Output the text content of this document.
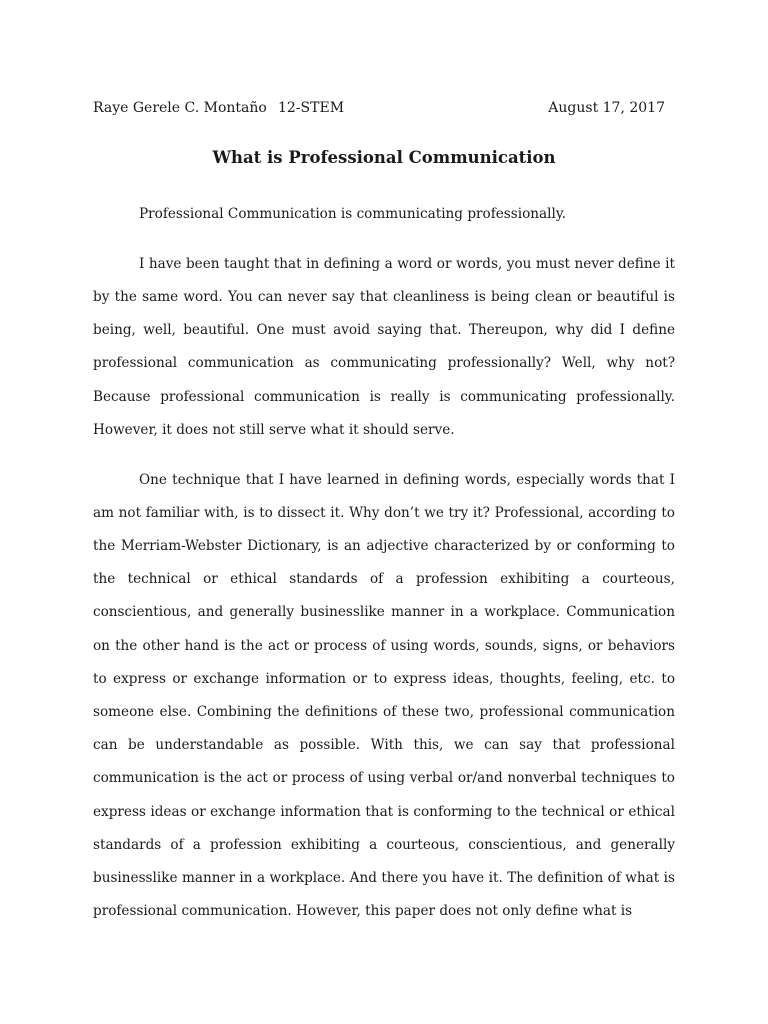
Raye Gerele C. Montaño 12-STEM	August 17, 2017
What is Professional Communication

Professional Communication is communicating professionally.

I have been taught that in defining a word or words, you must never define it by the same word. You can never say that cleanliness is being clean or beautiful is being, well, beautiful. One must avoid saying that. Thereupon, why did I define professional communication as communicating professionally? Well, why not? Because professional communication is really is communicating professionally. However, it does not still serve what it should serve.

One technique that I have learned in defining words, especially words that I am not familiar with, is to dissect it. Why don’t we try it? Professional, according to the Merriam-Webster Dictionary, is an adjective characterized by or conforming to the technical or ethical standards of a profession exhibiting a courteous, conscientious, and generally businesslike manner in a workplace. Communication on the other hand is the act or process of using words, sounds, signs, or behaviors to express or exchange information or to express ideas, thoughts, feeling, etc. to someone else. Combining the definitions of these two, professional communication can be understandable as possible. With this, we can say that professional communication is the act or process of using verbal or/and nonverbal techniques to express ideas or exchange information that is conforming to the technical or ethical standards of a profession exhibiting a courteous, conscientious, and generally businesslike manner in a workplace. And there you have it. The definition of what is professional communication. However, this paper does not only define what is
